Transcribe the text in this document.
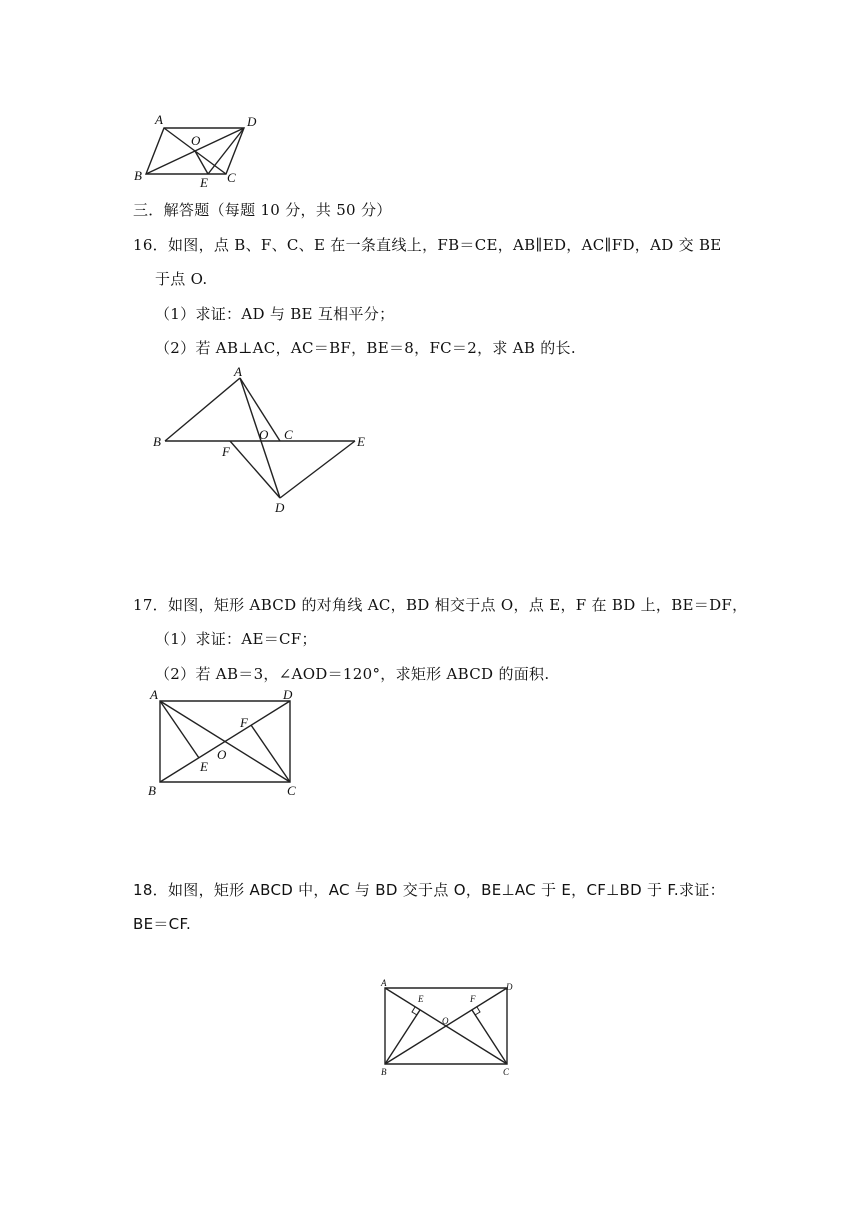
A	D
O
B	E C
三．解答题（每题 10 分，共 50 分）
16．如图，点 B、F、C、E 在一条直线上，FB＝CE，AB∥ED，AC∥FD，AD 交 BE
于点 O.
（1）求证：AD 与 BE 互相平分；
（2）若 AB⊥AC，AC＝BF，BE＝8，FC＝2，求 AB 的长.
A
B	O C	E
F
D
17．如图，矩形 ABCD 的对角线 AC，BD 相交于点 O，点 E，F 在 BD 上，BE＝DF，
（1）求证：AE＝CF；
（2）若 AB＝3，∠AOD＝120°，求矩形 ABCD 的面积.
A	D
F
O
E
B	C
18．如图，矩形 ABCD 中，AC 与 BD 交于点 O，BE⊥AC 于 E，CF⊥BD 于 F.求证：
BE＝CF.
A	D
E	F
O
B	C
